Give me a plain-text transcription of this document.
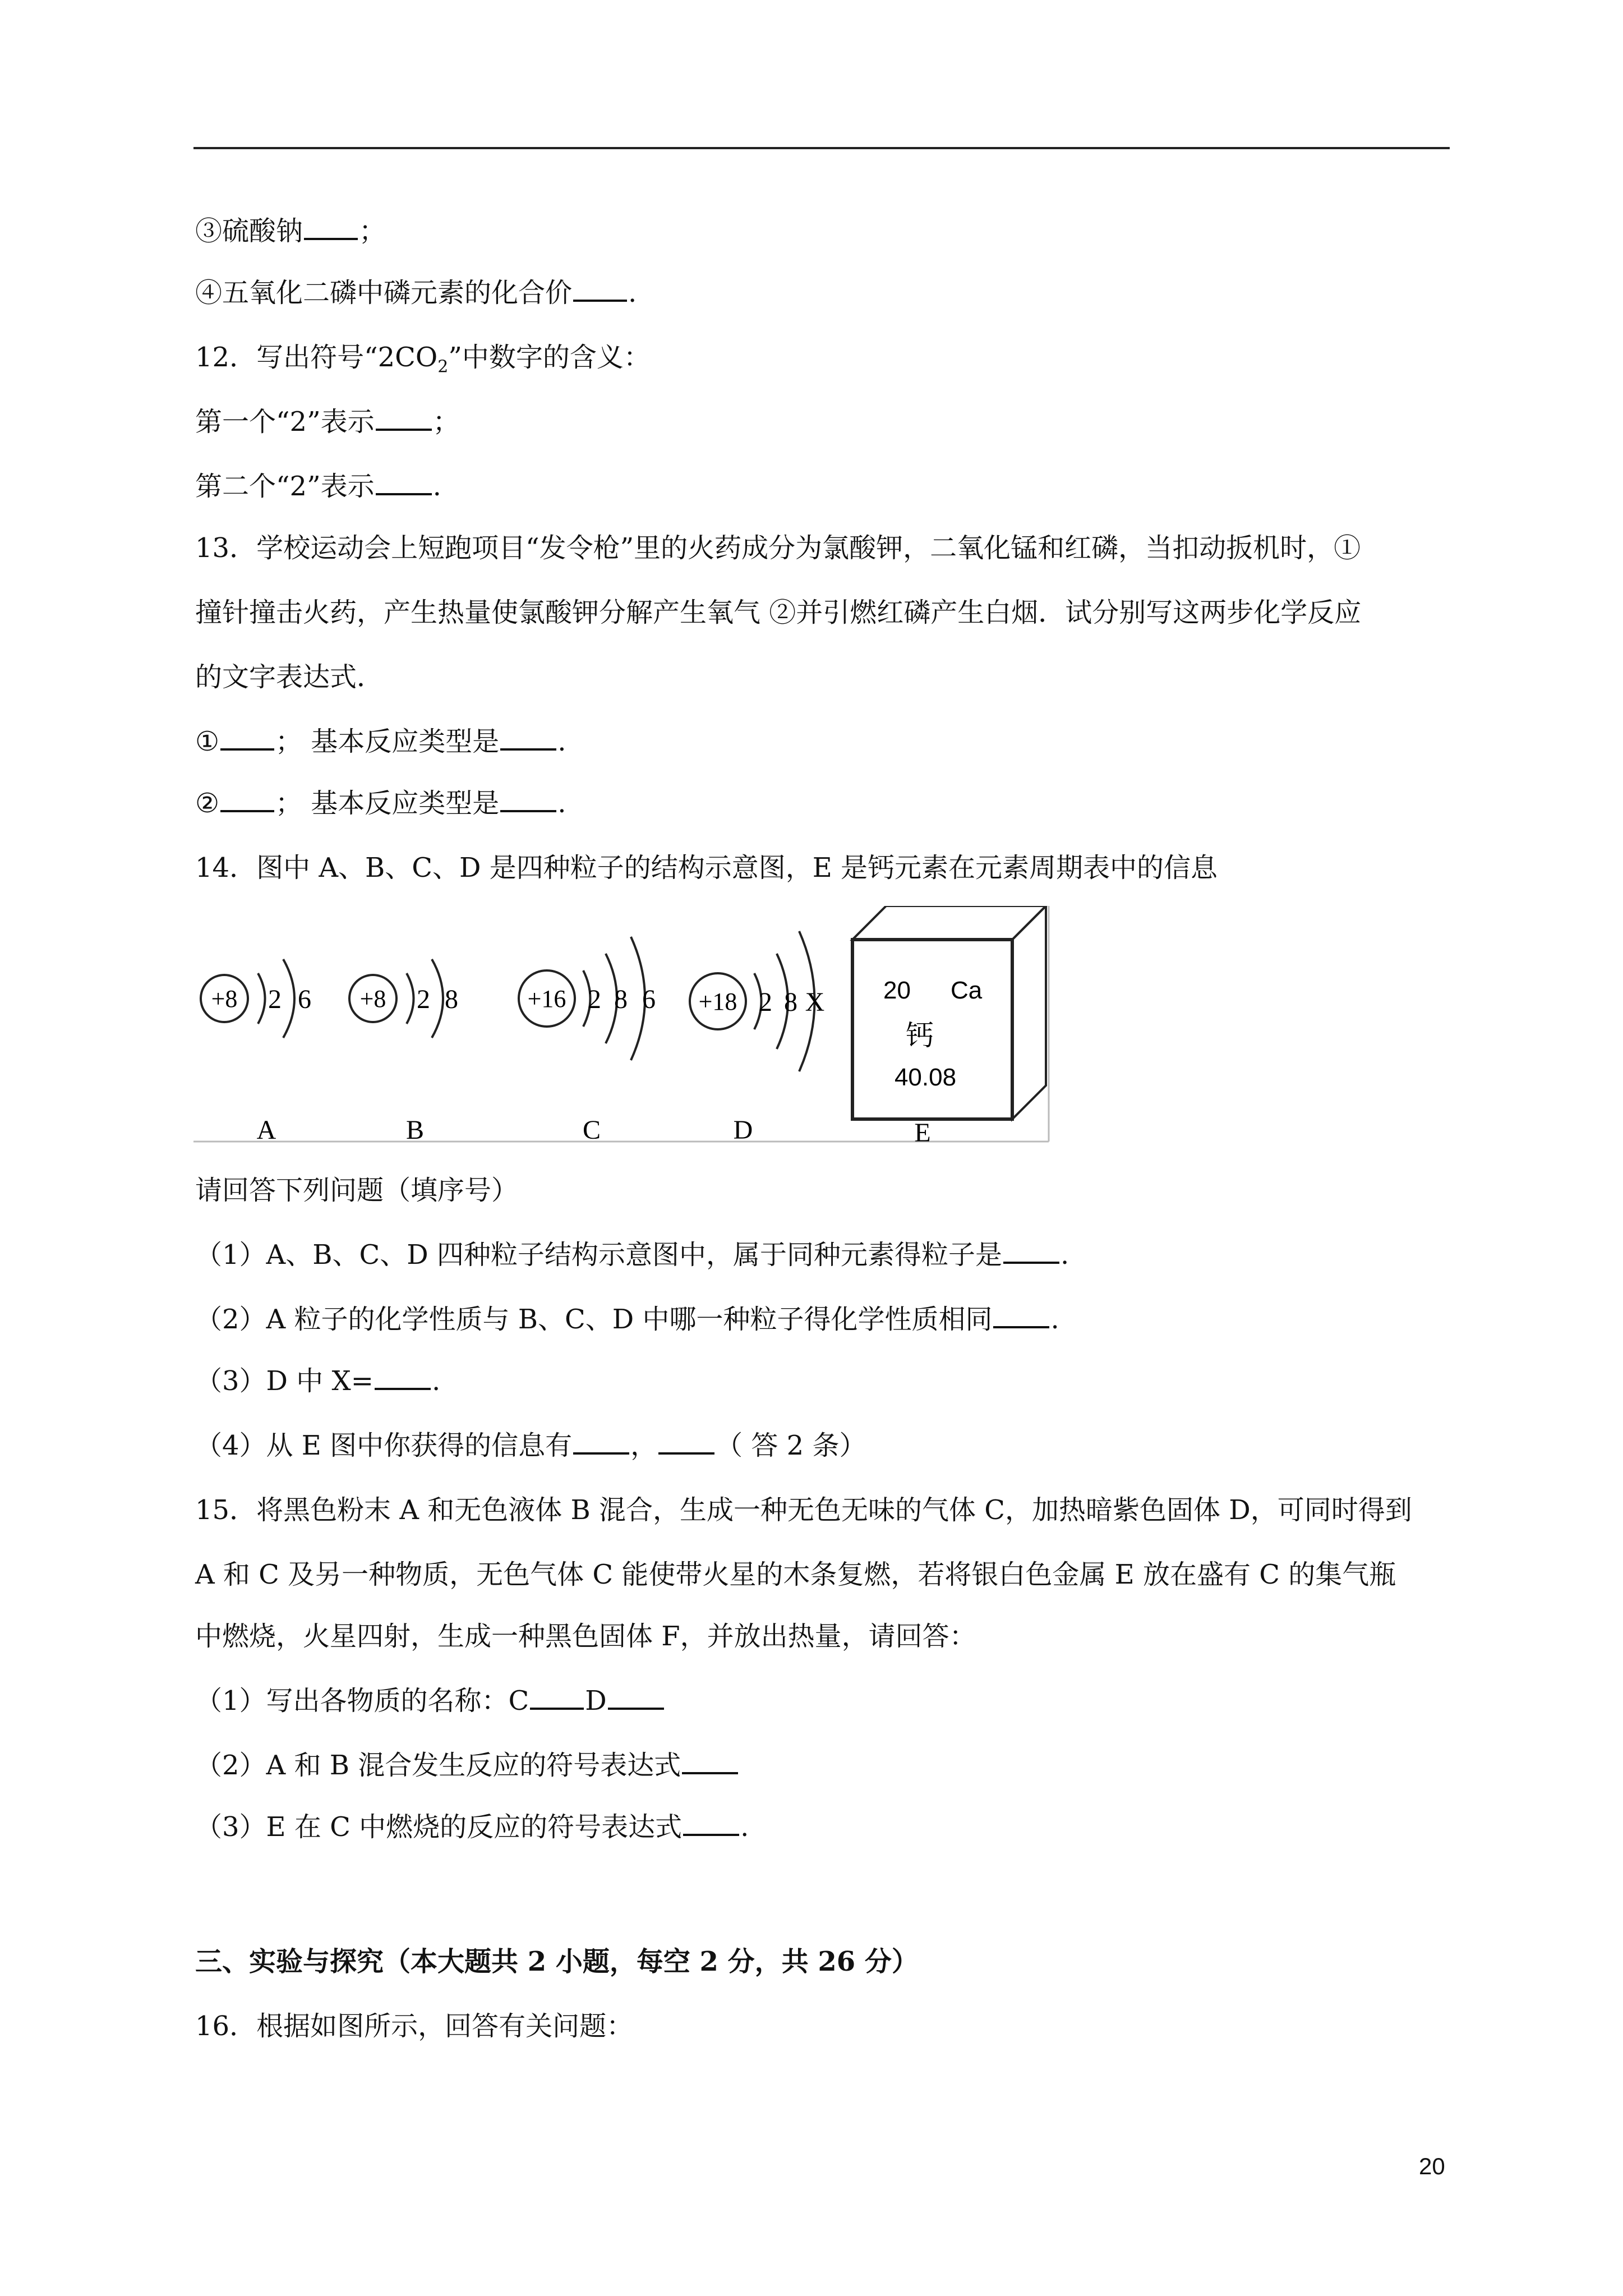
③硫酸钠 ；
④五氧化二磷中磷元素的化合价 .
12．写出符号“$2CO_2$”中数字的含义：
第一个“2”表示 ；
第二个“2”表示 .
13．学校运动会上短跑项目“发令枪”里的火药成分为氯酸钾，二氧化锰和红磷，当扣动扳机时，①
撞针撞击火药，产生热量使氯酸钾分解产生氧气 ②并引燃红磷产生白烟．试分别写这两步化学反应
的文字表达式．
① ； 基本反应类型是 .
② ； 基本反应类型是 .
14．图中 A、B、C、D 是四种粒子的结构示意图，E 是钙元素在元素周期表中的信息
+8 2 6
A
+8 2 8
B
+16 2 8 6
C
+18 2 8 X
D
20 Ca
钙
40.08
E
请回答下列问题（填序号）
（1）A、B、C、D 四种粒子结构示意图中，属于同种元素得粒子是 .
（2）A 粒子的化学性质与 B、C、D 中哪一种粒子得化学性质相同 .
（3）D 中 X= .
（4）从 E 图中你获得的信息有 ， （ 答 2 条）
15．将黑色粉末 A 和无色液体 B 混合，生成一种无色无味的气体 C，加热暗紫色固体 D，可同时得到
A 和 C 及另一种物质，无色气体 C 能使带火星的木条复燃，若将银白色金属 E 放在盛有 C 的集气瓶
中燃烧，火星四射，生成一种黑色固体 F，并放出热量，请回答：
（1）写出各物质的名称：C D
（2）A 和 B 混合发生反应的符号表达式
（3）E 在 C 中燃烧的反应的符号表达式 .
三、实验与探究（本大题共 2 小题，每空 2 分，共 26 分）
16．根据如图所示，回答有关问题：
20
